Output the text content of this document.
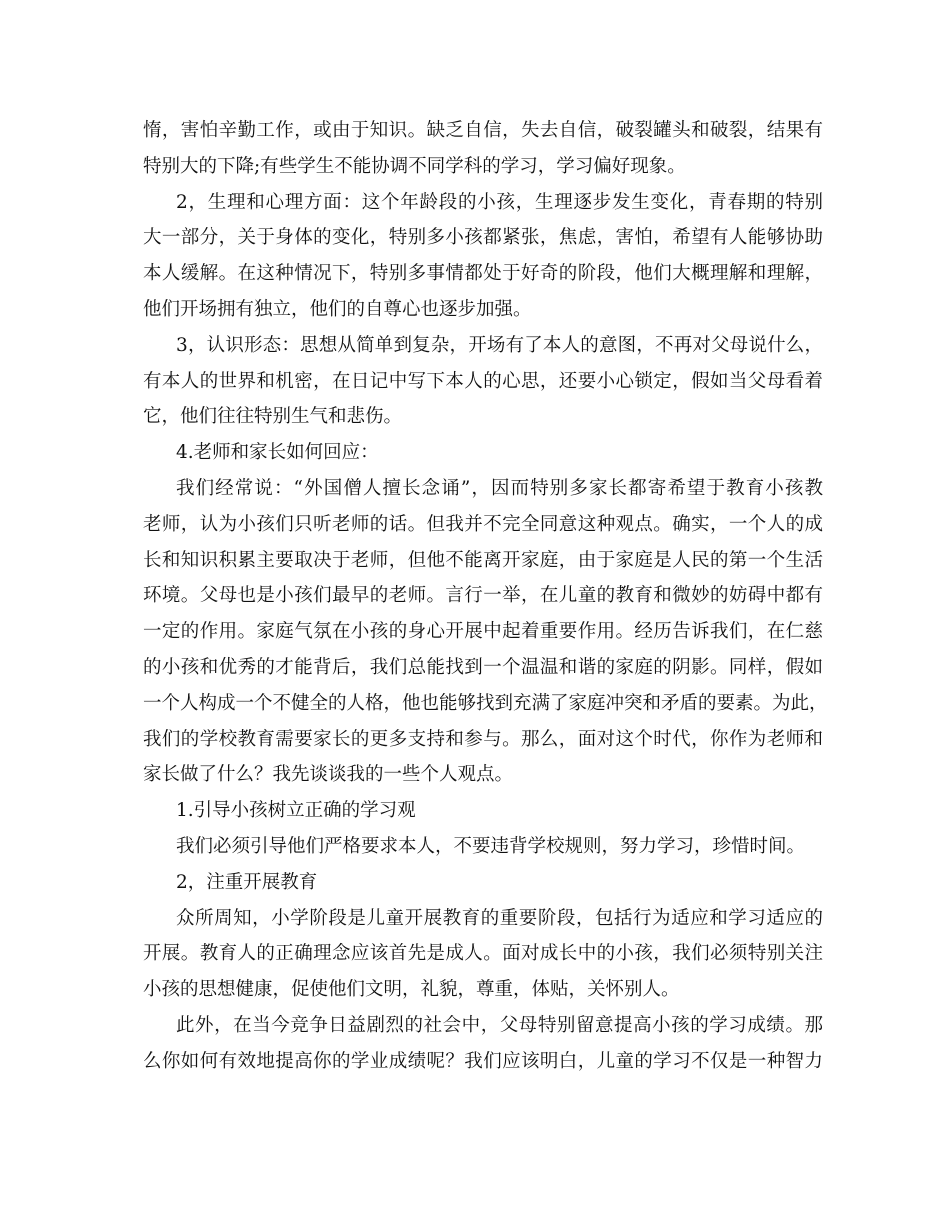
惰，害怕辛勤工作，或由于知识。缺乏自信，失去自信，破裂罐头和破裂，结果有
特别大的下降;有些学生不能协调不同学科的学习，学习偏好现象。
2，生理和心理方面：这个年龄段的小孩，生理逐步发生变化，青春期的特别
大一部分，关于身体的变化，特别多小孩都紧张，焦虑，害怕，希望有人能够协助
本人缓解。在这种情况下，特别多事情都处于好奇的阶段，他们大概理解和理解，
他们开场拥有独立，他们的自尊心也逐步加强。
3，认识形态：思想从简单到复杂，开场有了本人的意图，不再对父母说什么，
有本人的世界和机密，在日记中写下本人的心思，还要小心锁定，假如当父母看着
它，他们往往特别生气和悲伤。
4.老师和家长如何回应：
我们经常说：“外国僧人擅长念诵”，因而特别多家长都寄希望于教育小孩教
老师，认为小孩们只听老师的话。但我并不完全同意这种观点。确实，一个人的成
长和知识积累主要取决于老师，但他不能离开家庭，由于家庭是人民的第一个生活
环境。父母也是小孩们最早的老师。言行一举，在儿童的教育和微妙的妨碍中都有
一定的作用。家庭气氛在小孩的身心开展中起着重要作用。经历告诉我们，在仁慈
的小孩和优秀的才能背后，我们总能找到一个温温和谐的家庭的阴影。同样，假如
一个人构成一个不健全的人格，他也能够找到充满了家庭冲突和矛盾的要素。为此，
我们的学校教育需要家长的更多支持和参与。那么，面对这个时代，你作为老师和
家长做了什么？我先谈谈我的一些个人观点。
1.引导小孩树立正确的学习观
我们必须引导他们严格要求本人，不要违背学校规则，努力学习，珍惜时间。
2，注重开展教育
众所周知，小学阶段是儿童开展教育的重要阶段，包括行为适应和学习适应的
开展。教育人的正确理念应该首先是成人。面对成长中的小孩，我们必须特别关注
小孩的思想健康，促使他们文明，礼貌，尊重，体贴，关怀别人。
此外，在当今竞争日益剧烈的社会中，父母特别留意提高小孩的学习成绩。那
么你如何有效地提高你的学业成绩呢？我们应该明白，儿童的学习不仅是一种智力
